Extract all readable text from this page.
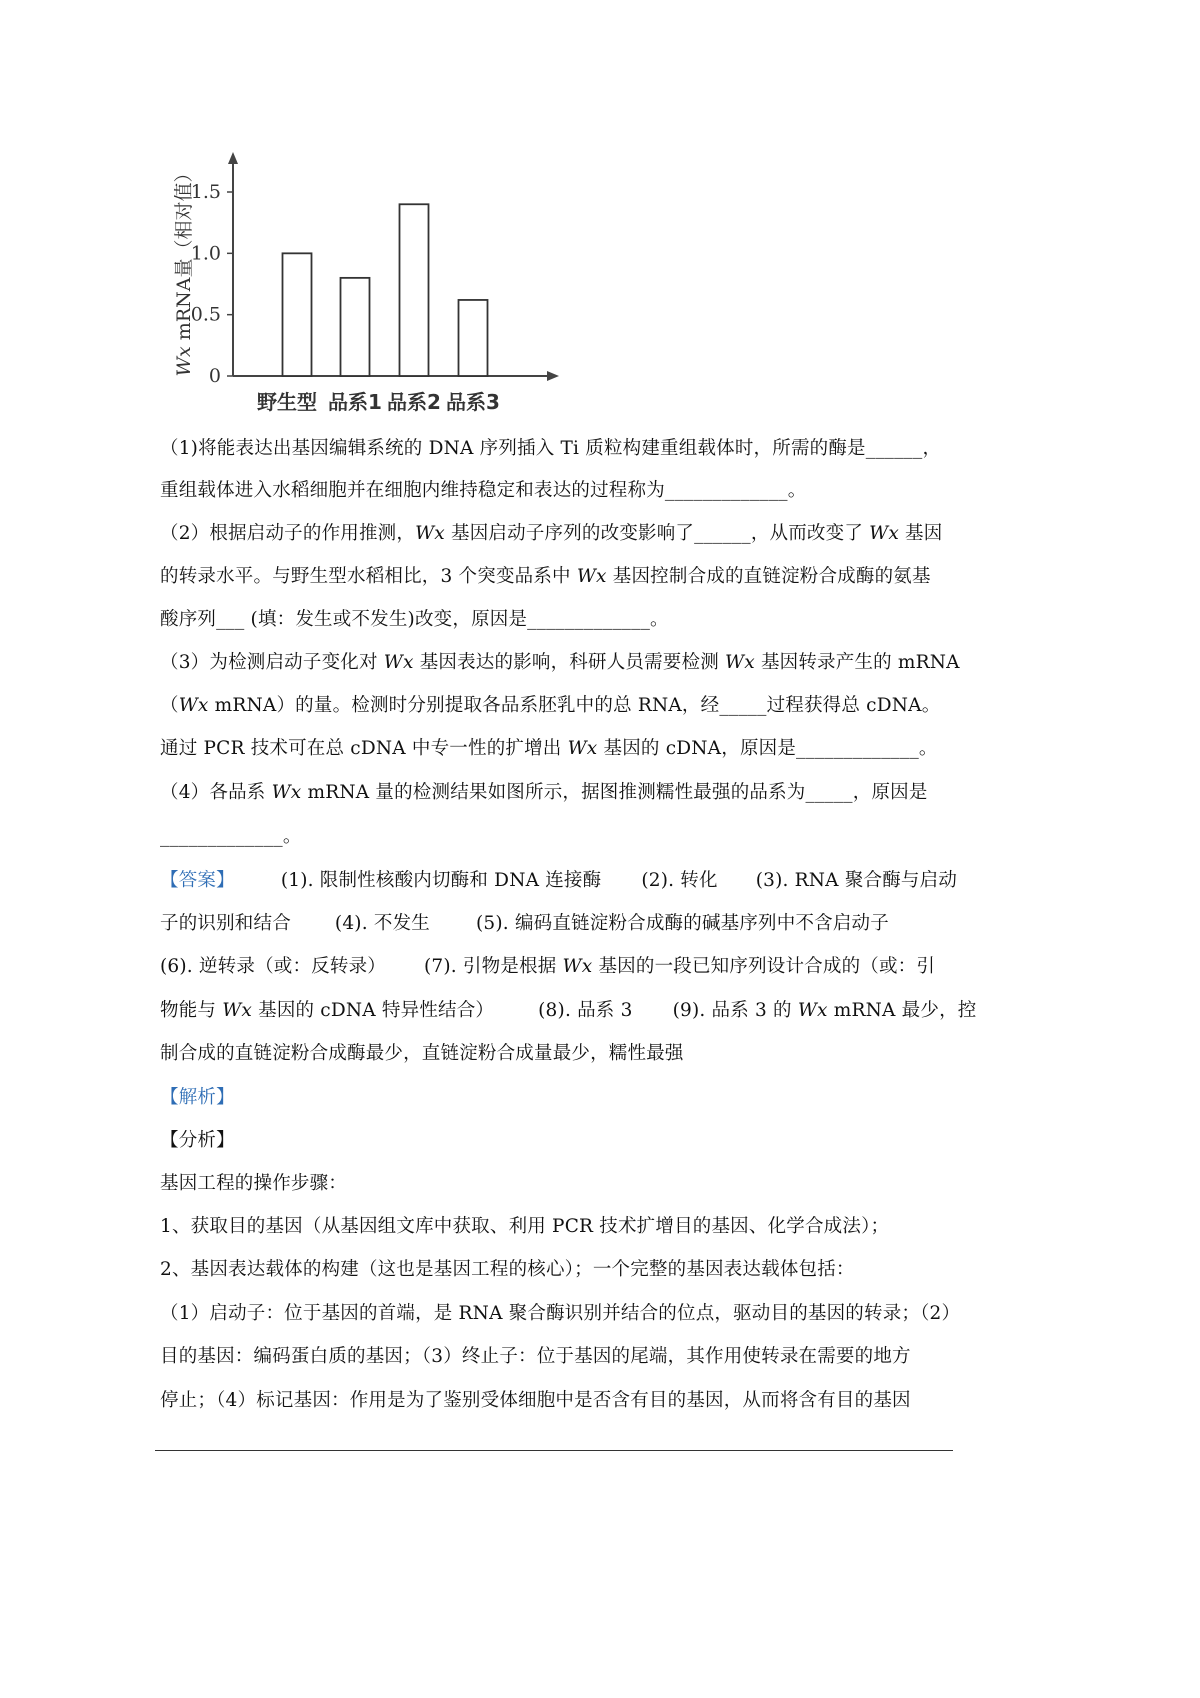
Wx mRNA量（相对值）
0
0.5
1.0
1.5
野生型 品系1 品系2 品系3
（1)将能表达出基因编辑系统的 DNA 序列插入 Ti 质粒构建重组载体时，所需的酶是______，
重组载体进入水稻细胞并在细胞内维持稳定和表达的过程称为_____________。
（2）根据启动子的作用推测，Wx 基因启动子序列的改变影响了______，从而改变了 Wx 基因
的转录水平。与野生型水稻相比，3 个突变品系中 Wx 基因控制合成的直链淀粉合成酶的氨基
酸序列___ (填：发生或不发生)改变，原因是_____________。
（3）为检测启动子变化对 Wx 基因表达的影响，科研人员需要检测 Wx 基因转录产生的 mRNA
（Wx mRNA）的量。检测时分别提取各品系胚乳中的总 RNA，经_____过程获得总 cDNA。
通过 PCR 技术可在总 cDNA 中专一性的扩增出 Wx 基因的 cDNA，原因是_____________。
（4）各品系 Wx mRNA 量的检测结果如图所示，据图推测糯性最强的品系为_____，原因是
_____________。
【答案】 (1). 限制性核酸内切酶和 DNA 连接酶 (2). 转化 (3). RNA 聚合酶与启动
子的识别和结合 (4). 不发生 (5). 编码直链淀粉合成酶的碱基序列中不含启动子
(6). 逆转录（或：反转录） (7). 引物是根据 Wx 基因的一段已知序列设计合成的（或：引
物能与 Wx 基因的 cDNA 特异性结合） (8). 品系 3 (9). 品系 3 的 Wx mRNA 最少，控
制合成的直链淀粉合成酶最少，直链淀粉合成量最少，糯性最强
【解析】
【分析】
基因工程的操作步骤：
1、获取目的基因（从基因组文库中获取、利用 PCR 技术扩增目的基因、化学合成法）；
2、基因表达载体的构建（这也是基因工程的核心）；一个完整的基因表达载体包括：
（1）启动子：位于基因的首端，是 RNA 聚合酶识别并结合的位点，驱动目的基因的转录；（2）
目的基因：编码蛋白质的基因；（3）终止子：位于基因的尾端，其作用使转录在需要的地方
停止；（4）标记基因：作用是为了鉴别受体细胞中是否含有目的基因，从而将含有目的基因
